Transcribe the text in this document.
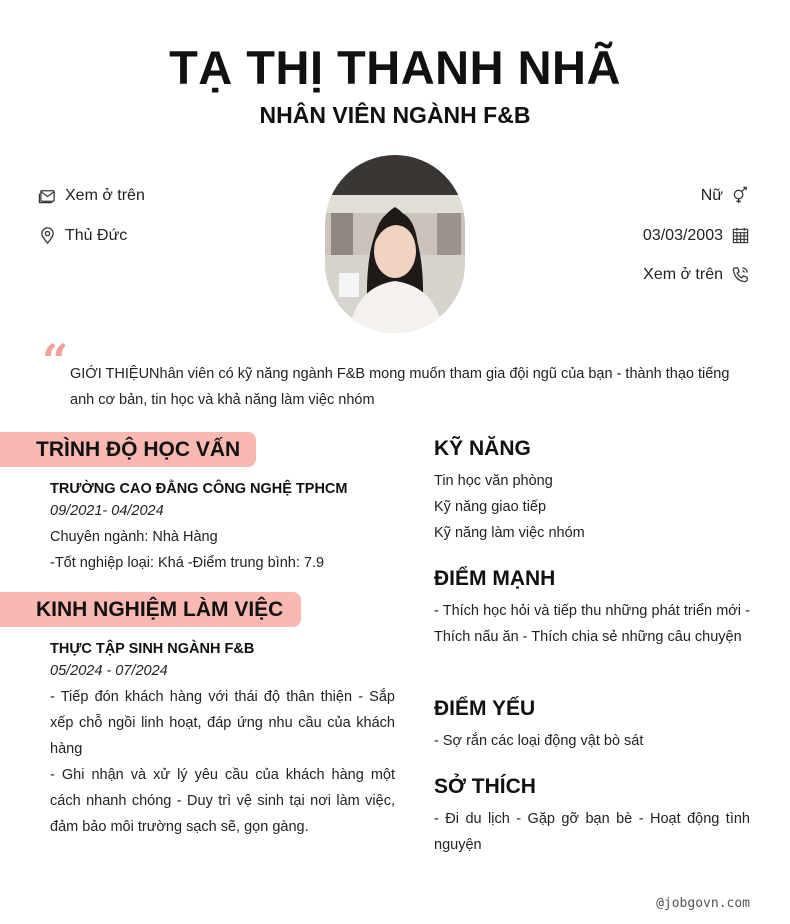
TẠ THỊ THANH NHÃ
NHÂN VIÊN NGÀNH F&B
Xem ở trên
Thủ Đức
Nữ
03/03/2003
Xem ở trên
“ GIỚI THIỆUNhân viên có kỹ năng ngành F&B mong muốn tham gia đội ngũ của bạn - thành thạo tiếng anh cơ bản, tin học và khả năng làm việc nhóm
TRÌNH ĐỘ HỌC VẤN
TRƯỜNG CAO ĐẲNG CÔNG NGHỆ TPHCM
09/2021- 04/2024
Chuyên ngành: Nhà Hàng
-Tốt nghiệp loại: Khá -Điểm trung bình: 7.9
KINH NGHIỆM LÀM VIỆC
THỰC TẬP SINH NGÀNH F&B
05/2024 - 07/2024
- Tiếp đón khách hàng với thái độ thân thiện - Sắp xếp chỗ ngồi linh hoạt, đáp ứng nhu cầu của khách hàng
- Ghi nhận và xử lý yêu cầu của khách hàng một cách nhanh chóng - Duy trì vệ sinh tại nơi làm việc, đảm bảo môi trường sạch sẽ, gọn gàng.
KỸ NĂNG
Tin học văn phòng
Kỹ năng giao tiếp
Kỹ năng làm việc nhóm
ĐIỂM MẠNH
- Thích học hỏi và tiếp thu những phát triển mới - Thích nấu ăn - Thích chia sẻ những câu chuyện
ĐIỂM YẾU
- Sợ rắn các loại động vật bò sát
SỞ THÍCH
- Đi du lịch - Gặp gỡ bạn bè - Hoạt động tình nguyện
@jobgovn.com
